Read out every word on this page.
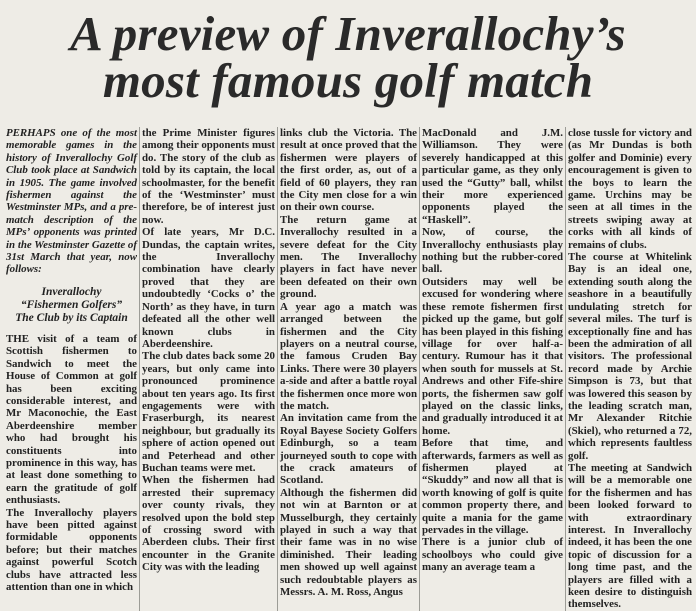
A preview of Inverallochy’s
most famous golf match

PERHAPS one of the most memorable games in the history of Inverallochy Golf Club took place at Sandwich in 1905. The game involved fishermen against the Westminster MPs, and a pre-match description of the MPs’ opponents was printed in the Westminster Gazette of 31st March that year, now follows:

Inverallochy
“Fishermen Golfers”
The Club by its Captain

THE visit of a team of Scottish fishermen to Sandwich to meet the House of Common at golf has been exciting considerable interest, and Mr Maconochie, the East Aberdeenshire member who had brought his constituents into prominence in this way, has at least done something to earn the gratitude of golf enthusiasts.

The Inverallochy players have been pitted against formidable opponents before; but their matches against powerful Scotch clubs have attracted less attention than one in which

the Prime Minister figures among their opponents must do. The story of the club as told by its captain, the local schoolmaster, for the benefit of the ‘Westminster’ must therefore, be of interest just now.

Of late years, Mr D.C. Dundas, the captain writes, the Inverallochy combination have clearly proved that they are undoubtedly ‘Cocks o’ the North’ as they have, in turn defeated all the other well known clubs in Aberdeenshire.

The club dates back some 20 years, but only came into pronounced prominence about ten years ago. Its first engagements were with Fraserburgh, its nearest neighbour, but gradually its sphere of action opened out and Peterhead and other Buchan teams were met.

When the fishermen had arrested their supremacy over county rivals, they resolved upon the bold step of crossing sword with Aberdeen clubs. Their first encounter in the Granite City was with the leading

links club the Victoria. The result at once proved that the fishermen were players of the first order, as, out of a field of 60 players, they ran the City men close for a win on their own course.

The return game at Inverallochy resulted in a severe defeat for the City men. The Inverallochy players in fact have never been defeated on their own ground.

A year ago a match was arranged between the fishermen and the City players on a neutral course, the famous Cruden Bay Links. There were 30 players a-side and after a battle royal the fishermen once more won the match.

An invitation came from the Royal Bayese Society Golfers Edinburgh, so a team journeyed south to cope with the crack amateurs of Scotland.

Although the fishermen did not win at Barnton or at Musselburgh, they certainly played in such a way that their fame was in no wise diminished. Their leading men showed up well against such redoubtable players as Messrs. A. M. Ross, Angus

MacDonald and J.M. Williamson. They were severely handicapped at this particular game, as they only used the “Gutty” ball, whilst their more experienced opponents played the “Haskell”.

Now, of course, the Inverallochy enthusiasts play nothing but the rubber-cored ball.

Outsiders may well be excused for wondering where these remote fishermen first picked up the game, but golf has been played in this fishing village for over half-a-century. Rumour has it that when south for mussels at St. Andrews and other Fife-shire ports, the fishermen saw golf played on the classic links, and gradually introduced it at home.

Before that time, and afterwards, farmers as well as fishermen played at “Skuddy” and now all that is worth knowing of golf is quite common property there, and quite a mania for the game pervades in the village.

There is a junior club of schoolboys who could give many an average team a

close tussle for victory and (as Mr Dundas is both golfer and Dominie) every encouragement is given to the boys to learn the game. Urchins may be seen at all times in the streets swiping away at corks with all kinds of remains of clubs.

The course at Whitelink Bay is an ideal one, extending south along the seashore in a beautifully undulating stretch for several miles. The turf is exceptionally fine and has been the admiration of all visitors. The professional record made by Archie Simpson is 73, but that was lowered this season by the leading scratch man, Mr Alexander Ritchie (Skiel), who returned a 72, which represents faultless golf.

The meeting at Sandwich will be a memorable one for the fishermen and has been looked forward to with extraordinary interest. In Inverallochy indeed, it has been the one topic of discussion for a long time past, and the players are filled with a keen desire to distinguish themselves.
